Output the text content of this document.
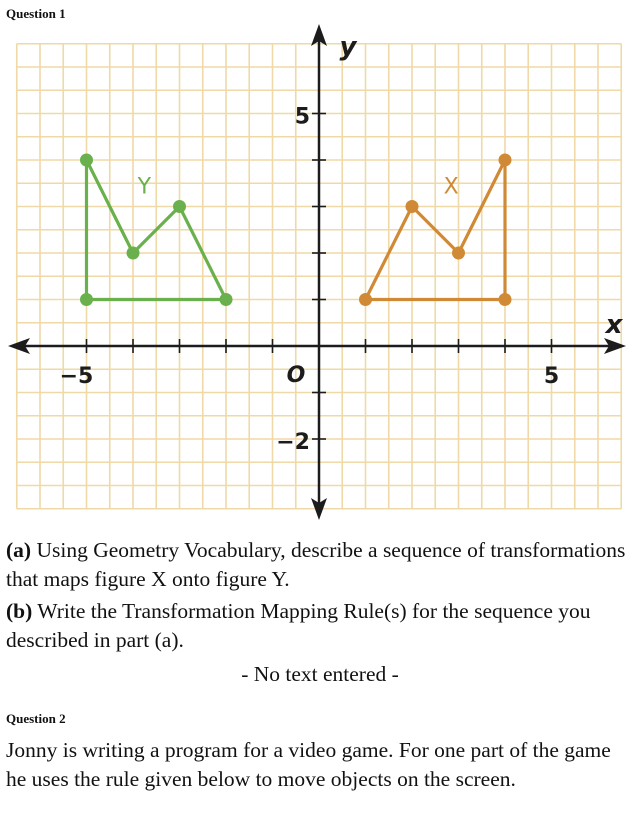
Question 1
−5	5
5
−2
Y	X
x
y
O
(a) Using Geometry Vocabulary, describe a sequence of transformations that maps figure X onto figure Y.
(b) Write the Transformation Mapping Rule(s) for the sequence you described in part (a).
- No text entered -
Question 2
Jonny is writing a program for a video game. For one part of the game he uses the rule given below to move objects on the screen.
